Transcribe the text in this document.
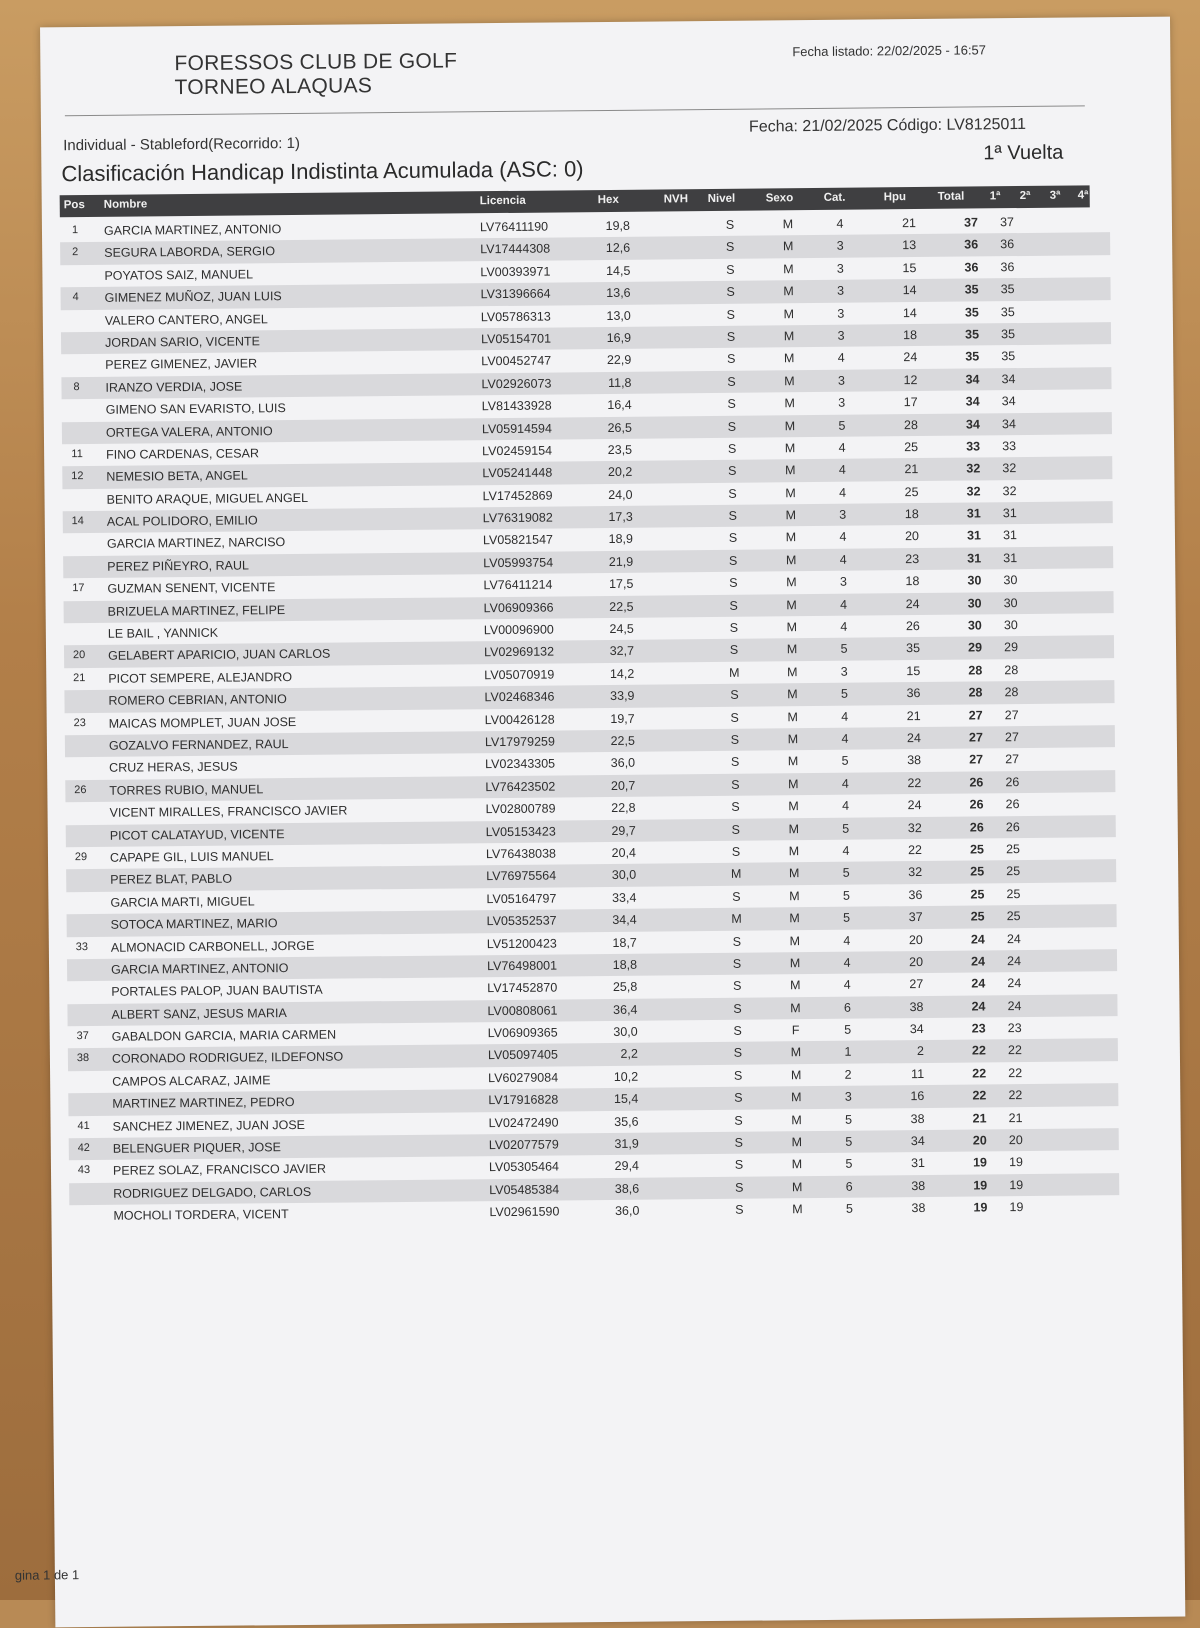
FORESSOS CLUB DE GOLF
TORNEO ALAQUAS
Fecha listado: 22/02/2025 - 16:57
Individual - Stableford(Recorrido: 1)
Fecha: 21/02/2025 Código: LV8125011
Clasificación Handicap Indistinta Acumulada (ASC: 0)
1ª Vuelta
Pos Nombre	Licencia	Hex	NVH Nivel	Sexo	Cat.	Hpu	Total 1ª 2ª 3ª 4ª
1	GARCIA MARTINEZ, ANTONIO	LV76411190	19,8	S	M	4	21	37	37
2	SEGURA LABORDA, SERGIO	LV17444308	12,6	S	M	3	13	36	36
POYATOS SAIZ, MANUEL	LV00393971	14,5	S	M	3	15	36	36
4	GIMENEZ MUÑOZ, JUAN LUIS	LV31396664	13,6	S	M	3	14	35	35
VALERO CANTERO, ANGEL	LV05786313	13,0	S	M	3	14	35	35
JORDAN SARIO, VICENTE	LV05154701	16,9	S	M	3	18	35	35
PEREZ GIMENEZ, JAVIER	LV00452747	22,9	S	M	4	24	35	35
8	IRANZO VERDIA, JOSE	LV02926073	11,8	S	M	3	12	34	34
GIMENO SAN EVARISTO, LUIS	LV81433928	16,4	S	M	3	17	34	34
ORTEGA VALERA, ANTONIO	LV05914594	26,5	S	M	5	28	34	34
11	FINO CARDENAS, CESAR	LV02459154	23,5	S	M	4	25	33	33
12	NEMESIO BETA, ANGEL	LV05241448	20,2	S	M	4	21	32	32
BENITO ARAQUE, MIGUEL ANGEL	LV17452869	24,0	S	M	4	25	32	32
14	ACAL POLIDORO, EMILIO	LV76319082	17,3	S	M	3	18	31	31
GARCIA MARTINEZ, NARCISO	LV05821547	18,9	S	M	4	20	31	31
PEREZ PIÑEYRO, RAUL	LV05993754	21,9	S	M	4	23	31	31
17	GUZMAN SENENT, VICENTE	LV76411214	17,5	S	M	3	18	30	30
BRIZUELA MARTINEZ, FELIPE	LV06909366	22,5	S	M	4	24	30	30
LE BAIL , YANNICK	LV00096900	24,5	S	M	4	26	30	30
20	GELABERT APARICIO, JUAN CARLOS	LV02969132	32,7	S	M	5	35	29	29
21	PICOT SEMPERE, ALEJANDRO	LV05070919	14,2	M	M	3	15	28	28
ROMERO CEBRIAN, ANTONIO	LV02468346	33,9	S	M	5	36	28	28
23	MAICAS MOMPLET, JUAN JOSE	LV00426128	19,7	S	M	4	21	27	27
GOZALVO FERNANDEZ, RAUL	LV17979259	22,5	S	M	4	24	27	27
CRUZ HERAS, JESUS	LV02343305	36,0	S	M	5	38	27	27
26	TORRES RUBIO, MANUEL	LV76423502	20,7	S	M	4	22	26	26
VICENT MIRALLES, FRANCISCO JAVIER	LV02800789	22,8	S	M	4	24	26	26
PICOT CALATAYUD, VICENTE	LV05153423	29,7	S	M	5	32	26	26
29	CAPAPE GIL, LUIS MANUEL	LV76438038	20,4	S	M	4	22	25	25
PEREZ BLAT, PABLO	LV76975564	30,0	M	M	5	32	25	25
GARCIA MARTI, MIGUEL	LV05164797	33,4	S	M	5	36	25	25
SOTOCA MARTINEZ, MARIO	LV05352537	34,4	M	M	5	37	25	25
33	ALMONACID CARBONELL, JORGE	LV51200423	18,7	S	M	4	20	24	24
GARCIA MARTINEZ, ANTONIO	LV76498001	18,8	S	M	4	20	24	24
PORTALES PALOP, JUAN BAUTISTA	LV17452870	25,8	S	M	4	27	24	24
ALBERT SANZ, JESUS MARIA	LV00808061	36,4	S	M	6	38	24	24
37	GABALDON GARCIA, MARIA CARMEN	LV06909365	30,0	S	F	5	34	23	23
38	CORONADO RODRIGUEZ, ILDEFONSO	LV05097405	2,2	S	M	1	2	22	22
CAMPOS ALCARAZ, JAIME	LV60279084	10,2	S	M	2	11	22	22
MARTINEZ MARTINEZ, PEDRO	LV17916828	15,4	S	M	3	16	22	22
41	SANCHEZ JIMENEZ, JUAN JOSE	LV02472490	35,6	S	M	5	38	21	21
42	BELENGUER PIQUER, JOSE	LV02077579	31,9	S	M	5	34	20	20
43	PEREZ SOLAZ, FRANCISCO JAVIER	LV05305464	29,4	S	M	5	31	19	19
RODRIGUEZ DELGADO, CARLOS	LV05485384	38,6	S	M	6	38	19	19
MOCHOLI TORDERA, VICENT	LV02961590	36,0	S	M	5	38	19	19
gina 1 de 1
